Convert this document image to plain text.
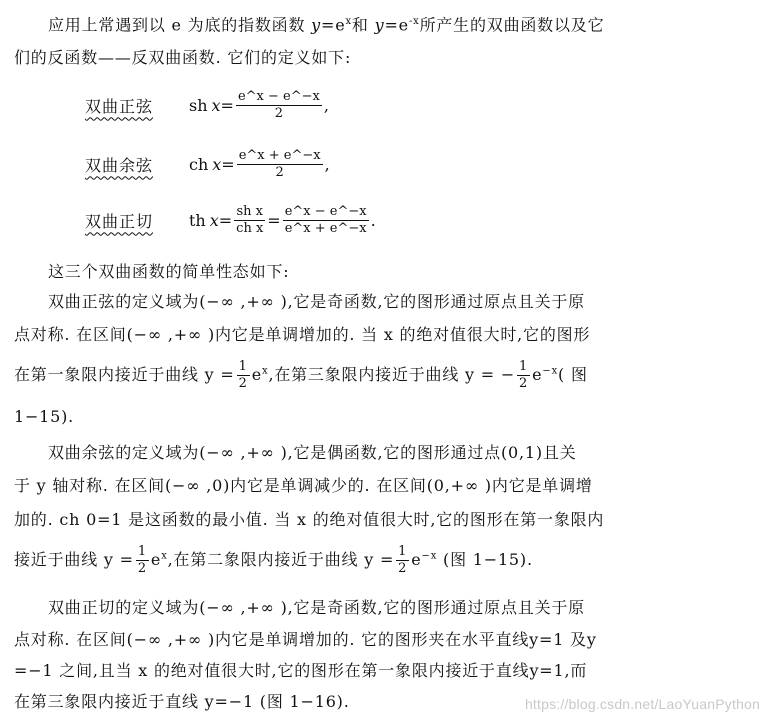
应用上常遇到以 e 为底的指数函数 $y=e^x$和 $y=e^{-x}$所产生的双曲函数以及它
们的反函数——反双曲函数. 它们的定义如下:
双曲正弦	sh $x = \frac{e\^{}x - e\^{}-x}{2}$ ,
双曲余弦	ch $x = \frac{e\^{}x + e\^{}-x}{2}$ ,
双曲正切	th $x = \frac{\text{sh x}}{\text{ch x}} = \frac{e\^{}x - e\^{}-x}{e\^{}x + e\^{}-x}$ .
这三个双曲函数的简单性态如下:
双曲正弦的定义域为(−∞ ,+∞ ),它是奇函数,它的图形通过原点且关于原
点对称. 在区间(−∞ ,+∞ )内它是单调增加的. 当 x 的绝对值很大时,它的图形
在第一象限内接近于曲线 $y = \frac{1}{2} e^x$,在第三象限内接近于曲线 y = − $\frac{1}{2} e^{-x}$( 图
1−15).
双曲余弦的定义域为(−∞ ,+∞ ),它是偶函数,它的图形通过点(0,1)且关
于 y 轴对称. 在区间(−∞ ,0)内它是单调减少的. 在区间(0,+∞ )内它是单调增
加的. ch 0=1 是这函数的最小值. 当 x 的绝对值很大时,它的图形在第一象限内
接近于曲线 $y = \frac{1}{2} e^x$,在第二象限内接近于曲线 $y = \frac{1}{2} e^{-x}$ (图 1−15).
双曲正切的定义域为(−∞ ,+∞ ),它是奇函数,它的图形通过原点且关于原
点对称. 在区间(−∞ ,+∞ )内它是单调增加的. 它的图形夹在水平直线y=1 及y
=−1 之间,且当 x 的绝对值很大时,它的图形在第一象限内接近于直线y=1,而
在第三象限内接近于直线 y=−1 (图 1−16).	https://blog.csdn.net/LaoYuanPython
